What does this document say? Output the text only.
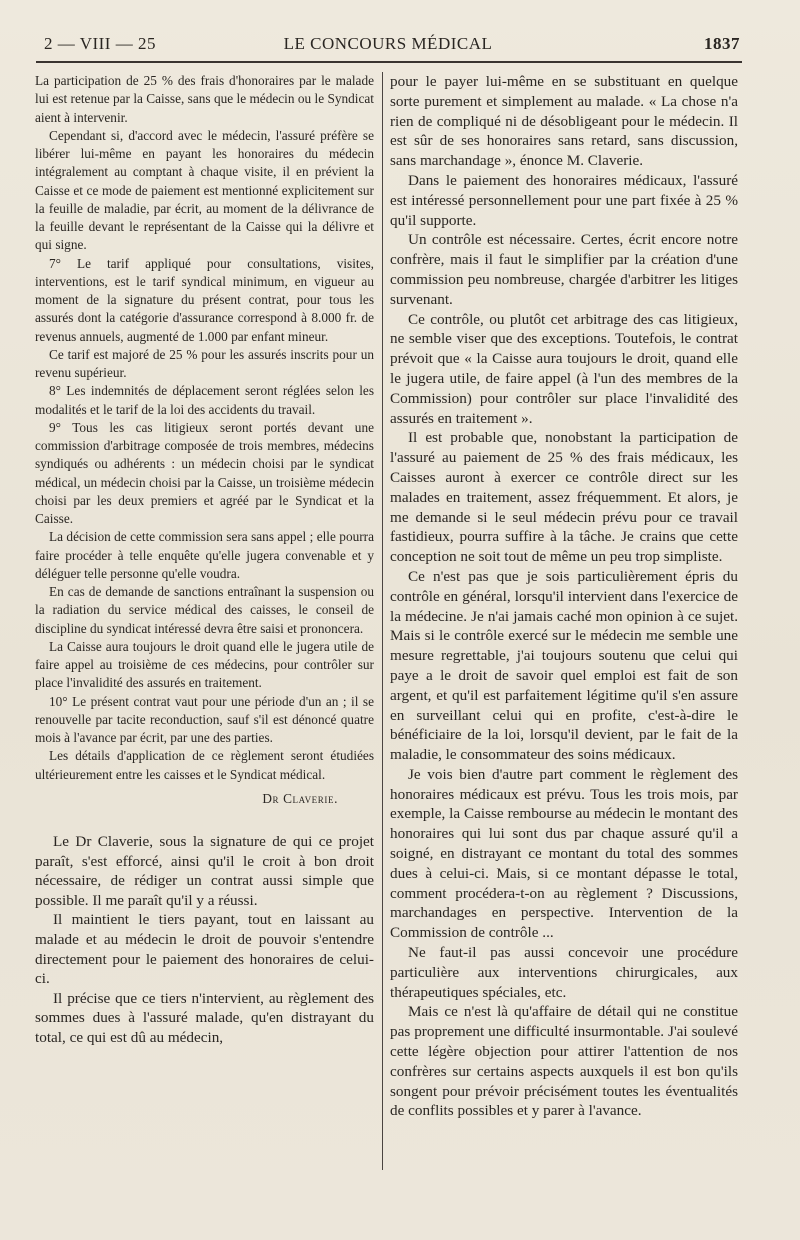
2 — VIII — 25	LE CONCOURS MÉDICAL	1837

La participation de 25 % des frais d'honoraires par le malade lui est retenue par la Caisse, sans que le médecin ou le Syndicat aient à intervenir.

Cependant si, d'accord avec le médecin, l'assuré préfère se libérer lui-même en payant les honoraires du médecin intégralement au comptant à chaque visite, il en prévient la Caisse et ce mode de paiement est mentionné explicitement sur la feuille de maladie, par écrit, au moment de la délivrance de la feuille devant le représentant de la Caisse qui la délivre et qui signe.

7° Le tarif appliqué pour consultations, visites, interventions, est le tarif syndical minimum, en vigueur au moment de la signature du présent contrat, pour tous les assurés dont la catégorie d'assurance correspond à 8.000 fr. de revenus annuels, augmenté de 1.000 par enfant mineur.

Ce tarif est majoré de 25 % pour les assurés inscrits pour un revenu supérieur.

8° Les indemnités de déplacement seront réglées selon les modalités et le tarif de la loi des accidents du travail.

9° Tous les cas litigieux seront portés devant une commission d'arbitrage composée de trois membres, médecins syndiqués ou adhérents : un médecin choisi par le syndicat médical, un médecin choisi par la Caisse, un troisième médecin choisi par les deux premiers et agréé par le Syndicat et la Caisse.

La décision de cette commission sera sans appel ; elle pourra faire procéder à telle enquête qu'elle jugera convenable et y déléguer telle personne qu'elle voudra.

En cas de demande de sanctions entraînant la suspension ou la radiation du service médical des caisses, le conseil de discipline du syndicat intéressé devra être saisi et prononcera.

La Caisse aura toujours le droit quand elle le jugera utile de faire appel au troisième de ces médecins, pour contrôler sur place l'invalidité des assurés en traitement.

10° Le présent contrat vaut pour une période d'un an ; il se renouvelle par tacite reconduction, sauf s'il est dénoncé quatre mois à l'avance par écrit, par une des parties.

Les détails d'application de ce règlement seront étudiées ultérieurement entre les caisses et le Syndicat médical.

Dr Claverie.

Le Dr Claverie, sous la signature de qui ce projet paraît, s'est efforcé, ainsi qu'il le croit à bon droit nécessaire, de rédiger un contrat aussi simple que possible. Il me paraît qu'il y a réussi.

Il maintient le tiers payant, tout en laissant au malade et au médecin le droit de pouvoir s'entendre directement pour le paiement des honoraires de celui-ci.

Il précise que ce tiers n'intervient, au règlement des sommes dues à l'assuré malade, qu'en distrayant du total, ce qui est dû au médecin,

pour le payer lui-même en se substituant en quelque sorte purement et simplement au malade. « La chose n'a rien de compliqué ni de désobligeant pour le médecin. Il est sûr de ses honoraires sans retard, sans discussion, sans marchandage », énonce M. Claverie.

Dans le paiement des honoraires médicaux, l'assuré est intéressé personnellement pour une part fixée à 25 % qu'il supporte.

Un contrôle est nécessaire. Certes, écrit encore notre confrère, mais il faut le simplifier par la création d'une commission peu nombreuse, chargée d'arbitrer les litiges survenant.

Ce contrôle, ou plutôt cet arbitrage des cas litigieux, ne semble viser que des exceptions. Toutefois, le contrat prévoit que « la Caisse aura toujours le droit, quand elle le jugera utile, de faire appel (à l'un des membres de la Commission) pour contrôler sur place l'invalidité des assurés en traitement ».

Il est probable que, nonobstant la participation de l'assuré au paiement de 25 % des frais médicaux, les Caisses auront à exercer ce contrôle direct sur les malades en traitement, assez fréquemment. Et alors, je me demande si le seul médecin prévu pour ce travail fastidieux, pourra suffire à la tâche. Je crains que cette conception ne soit tout de même un peu trop simpliste.

Ce n'est pas que je sois particulièrement épris du contrôle en général, lorsqu'il intervient dans l'exercice de la médecine. Je n'ai jamais caché mon opinion à ce sujet. Mais si le contrôle exercé sur le médecin me semble une mesure regrettable, j'ai toujours soutenu que celui qui paye a le droit de savoir quel emploi est fait de son argent, et qu'il est parfaitement légitime qu'il s'en assure en surveillant celui qui en profite, c'est-à-dire le bénéficiaire de la loi, lorsqu'il devient, par le fait de la maladie, le consommateur des soins médicaux.

Je vois bien d'autre part comment le règlement des honoraires médicaux est prévu. Tous les trois mois, par exemple, la Caisse rembourse au médecin le montant des honoraires qui lui sont dus par chaque assuré qu'il a soigné, en distrayant ce montant du total des sommes dues à celui-ci. Mais, si ce montant dépasse le total, comment procédera-t-on au règlement ? Discussions, marchandages en perspective. Intervention de la Commission de contrôle ...

Ne faut-il pas aussi concevoir une procédure particulière aux interventions chirurgicales, aux thérapeutiques spéciales, etc.

Mais ce n'est là qu'affaire de détail qui ne constitue pas proprement une difficulté insurmontable. J'ai soulevé cette légère objection pour attirer l'attention de nos confrères sur certains aspects auxquels il est bon qu'ils songent pour prévoir précisément toutes les éventualités de conflits possibles et y parer à l'avance.
